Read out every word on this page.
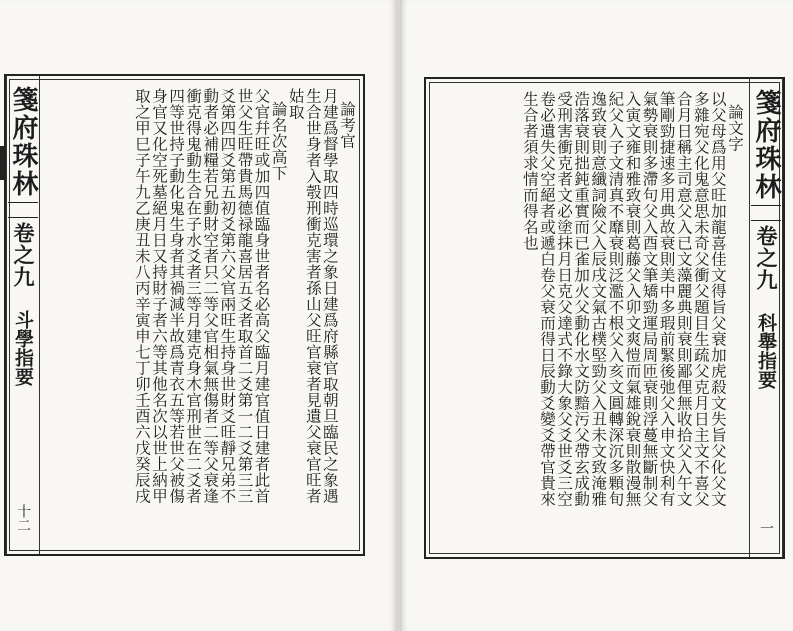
箋府珠林
卷之九
斗學指要
十二

論考官

月建爲督學取四時巡環之象日建爲府縣官取朝旦臨民之象遇

生合世身者入彀刑衝克害者孫山父旺官衰者見遺父衰官旺者

姑取

論名次高下

父官幷旺或加四值臨身世者名必高父臨月建官值日建者此首

世父生旺帶貴馬德禄龍喜居五爻者取首二爻第一二爻第三三

爻第四四爻第五初爻第六父官兩旺生持身世財爻旺靜兄弟不

動者必補糧若兄動財空者只二等父官相氣無傷者二等父衰逢

衝克得鬼動生合在子水爻者三等月建克身木官刑世在二爻者

四等世持子動化鬼生身者其禍減半故爲青衣五等若世父被傷

身官又化空死墓絕月日又持財子者六等其他名次以世上納甲

取之甲巳子午九乙庚丑未八丙辛寅申七丁卯壬酉六戊癸辰戌	箋府珠林
卷之九
科舉指要
一

論文字

以父母爲用父旺加龍喜佳文得旨父衰加虎殺文失旨父化父文

多雜宛父化鬼意思未奇父衝父題目生疏父克月日主文不喜父

合月日稱主司意父入已文藻麗典則衰則鄙俚無收拾父入午文

筆剛勁捷速多用典故衰則美中多瑕前緊後弛父入申文快利有

氣勢衰則多滯句父入酉文筆矯勁運局周匝衰則浮蔓無斷制父

入寅文雍和雅致衰則葛藤父入卯文爽愷而氣雄銳衰則散漫無

紀父入子文清真不靡衰則泛濫不根父入亥文圓轉深沉多顆旬

逸致衰則意纖詞險父入辰戌文氣古樸堅勁父入丑未文致淹雅

浩落衰則拙鈍重實而已雀加火父動化水文防黯污父帶玄成動

受刑害衝克者文必塗抹月日克父達式不錄大象父爻世爻三空

卷必遺失父空絕者或遞白卷父衰而得日辰動爻變爻帶官貴來

生合者須求情而得名也
